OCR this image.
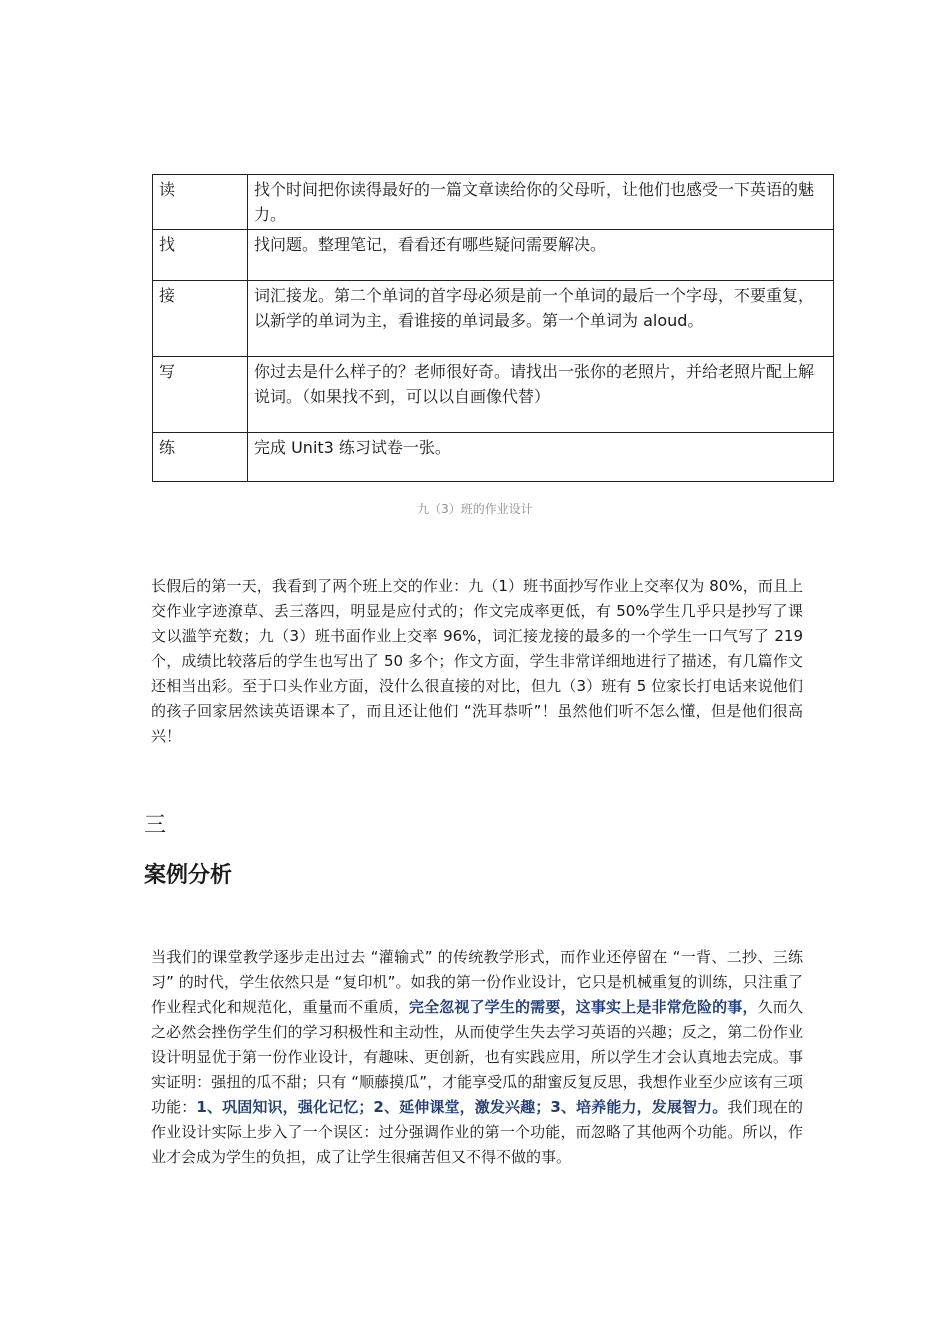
读	找个时间把你读得最好的一篇文章读给你的父母听，让他们也感受一下英语的魅力。
找	找问题。整理笔记，看看还有哪些疑问需要解决。
接	词汇接龙。第二个单词的首字母必须是前一个单词的最后一个字母，不要重复，以新学的单词为主，看谁接的单词最多。第一个单词为 aloud。
写	你过去是什么样子的？老师很好奇。请找出一张你的老照片，并给老照片配上解说词。（如果找不到，可以以自画像代替）
练	完成 Unit3 练习试卷一张。
九（3）班的作业设计

长假后的第一天，我看到了两个班上交的作业：九（1）班书面抄写作业上交率仅为 80%，而且上交作业字迹潦草、丢三落四，明显是应付式的；作文完成率更低，有 50%学生几乎只是抄写了课文以滥竽充数；九（3）班书面作业上交率 96%，词汇接龙接的最多的一个学生一口气写了 219 个，成绩比较落后的学生也写出了 50 多个；作文方面，学生非常详细地进行了描述，有几篇作文还相当出彩。至于口头作业方面，没什么很直接的对比，但九（3）班有 5 位家长打电话来说他们的孩子回家居然读英语课本了，而且还让他们 “洗耳恭听”！虽然他们听不怎么懂，但是他们很高兴！

三
案例分析

当我们的课堂教学逐步走出过去 “灌输式” 的传统教学形式，而作业还停留在 “一背、二抄、三练习” 的时代，学生依然只是 “复印机”。如我的第一份作业设计，它只是机械重复的训练，只注重了作业程式化和规范化，重量而不重质，完全忽视了学生的需要，这事实上是非常危险的事，久而久之必然会挫伤学生们的学习积极性和主动性，从而使学生失去学习英语的兴趣；反之，第二份作业设计明显优于第一份作业设计，有趣味、更创新，也有实践应用，所以学生才会认真地去完成。事实证明：强扭的瓜不甜；只有 “顺藤摸瓜”，才能享受瓜的甜蜜反复反思，我想作业至少应该有三项功能：1、巩固知识，强化记忆；2、延伸课堂，激发兴趣；3、培养能力，发展智力。我们现在的作业设计实际上步入了一个误区：过分强调作业的第一个功能，而忽略了其他两个功能。所以，作业才会成为学生的负担，成了让学生很痛苦但又不得不做的事。
